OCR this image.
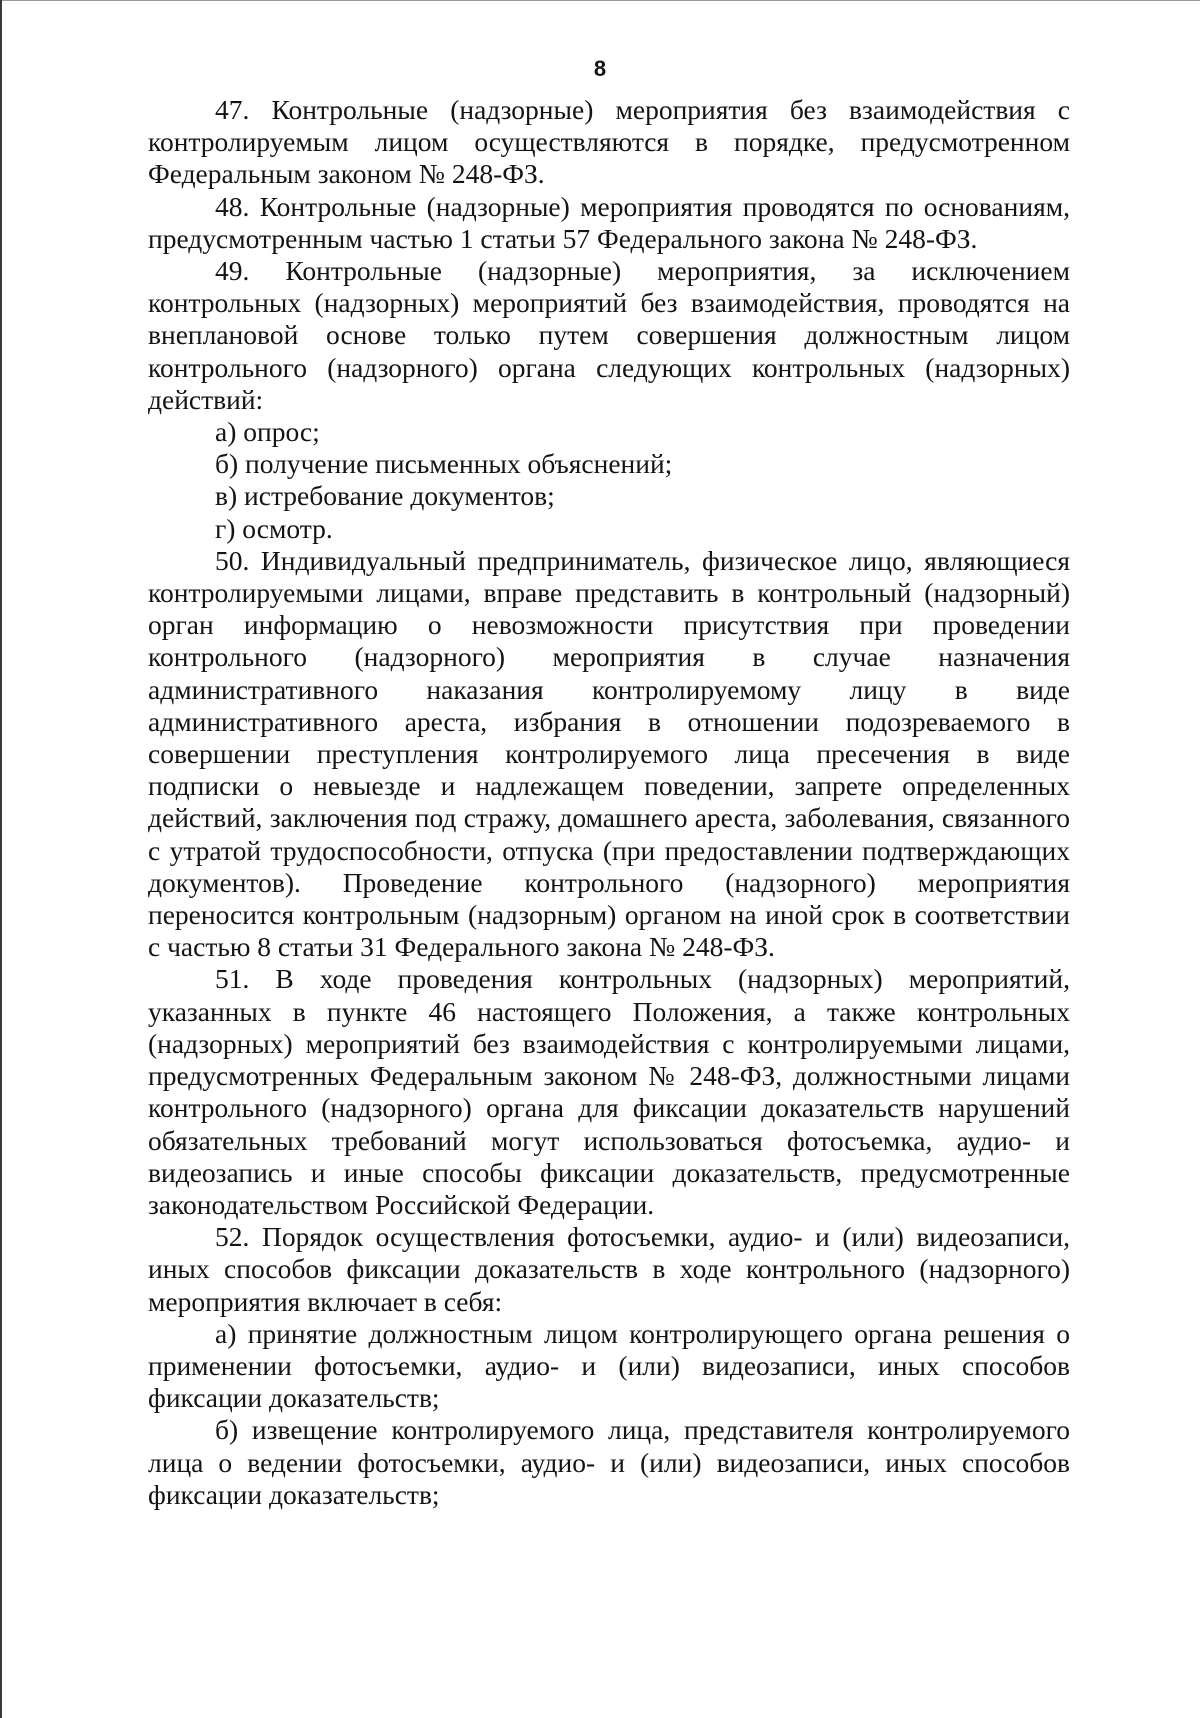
8

47. Контрольные (надзорные) мероприятия без взаимодействия с контролируемым лицом осуществляются в порядке, предусмотренном Федеральным законом № 248-ФЗ.

48. Контрольные (надзорные) мероприятия проводятся по основаниям, предусмотренным частью 1 статьи 57 Федерального закона № 248-ФЗ.

49. Контрольные (надзорные) мероприятия, за исключением контрольных (надзорных) мероприятий без взаимодействия, проводятся на внеплановой основе только путем совершения должностным лицом контрольного (надзорного) органа следующих контрольных (надзорных) действий:

а) опрос;

б) получение письменных объяснений;

в) истребование документов;

г) осмотр.

50. Индивидуальный предприниматель, физическое лицо, являющиеся контролируемыми лицами, вправе представить в контрольный (надзорный) орган информацию о невозможности присутствия при проведении контрольного (надзорного) мероприятия в случае назначения административного наказания контролируемому лицу в виде административного ареста, избрания в отношении подозреваемого в совершении преступления контролируемого лица пресечения в виде подписки о невыезде и надлежащем поведении, запрете определенных действий, заключения под стражу, домашнего ареста, заболевания, связанного с утратой трудоспособности, отпуска (при предоставлении подтверждающих документов). Проведение контрольного (надзорного) мероприятия переносится контрольным (надзорным) органом на иной срок в соответствии с частью 8 статьи 31 Федерального закона № 248-ФЗ.

51. В ходе проведения контрольных (надзорных) мероприятий, указанных в пункте 46 настоящего Положения, а также контрольных (надзорных) мероприятий без взаимодействия с контролируемыми лицами, предусмотренных Федеральным законом № 248-ФЗ, должностными лицами контрольного (надзорного) органа для фиксации доказательств нарушений обязательных требований могут использоваться фотосъемка, аудио- и видеозапись и иные способы фиксации доказательств, предусмотренные законодательством Российской Федерации.

52. Порядок осуществления фотосъемки, аудио- и (или) видеозаписи, иных способов фиксации доказательств в ходе контрольного (надзорного) мероприятия включает в себя:

а) принятие должностным лицом контролирующего органа решения о применении фотосъемки, аудио- и (или) видеозаписи, иных способов фиксации доказательств;

б) извещение контролируемого лица, представителя контролируемого лица о ведении фотосъемки, аудио- и (или) видеозаписи, иных способов фиксации доказательств;
